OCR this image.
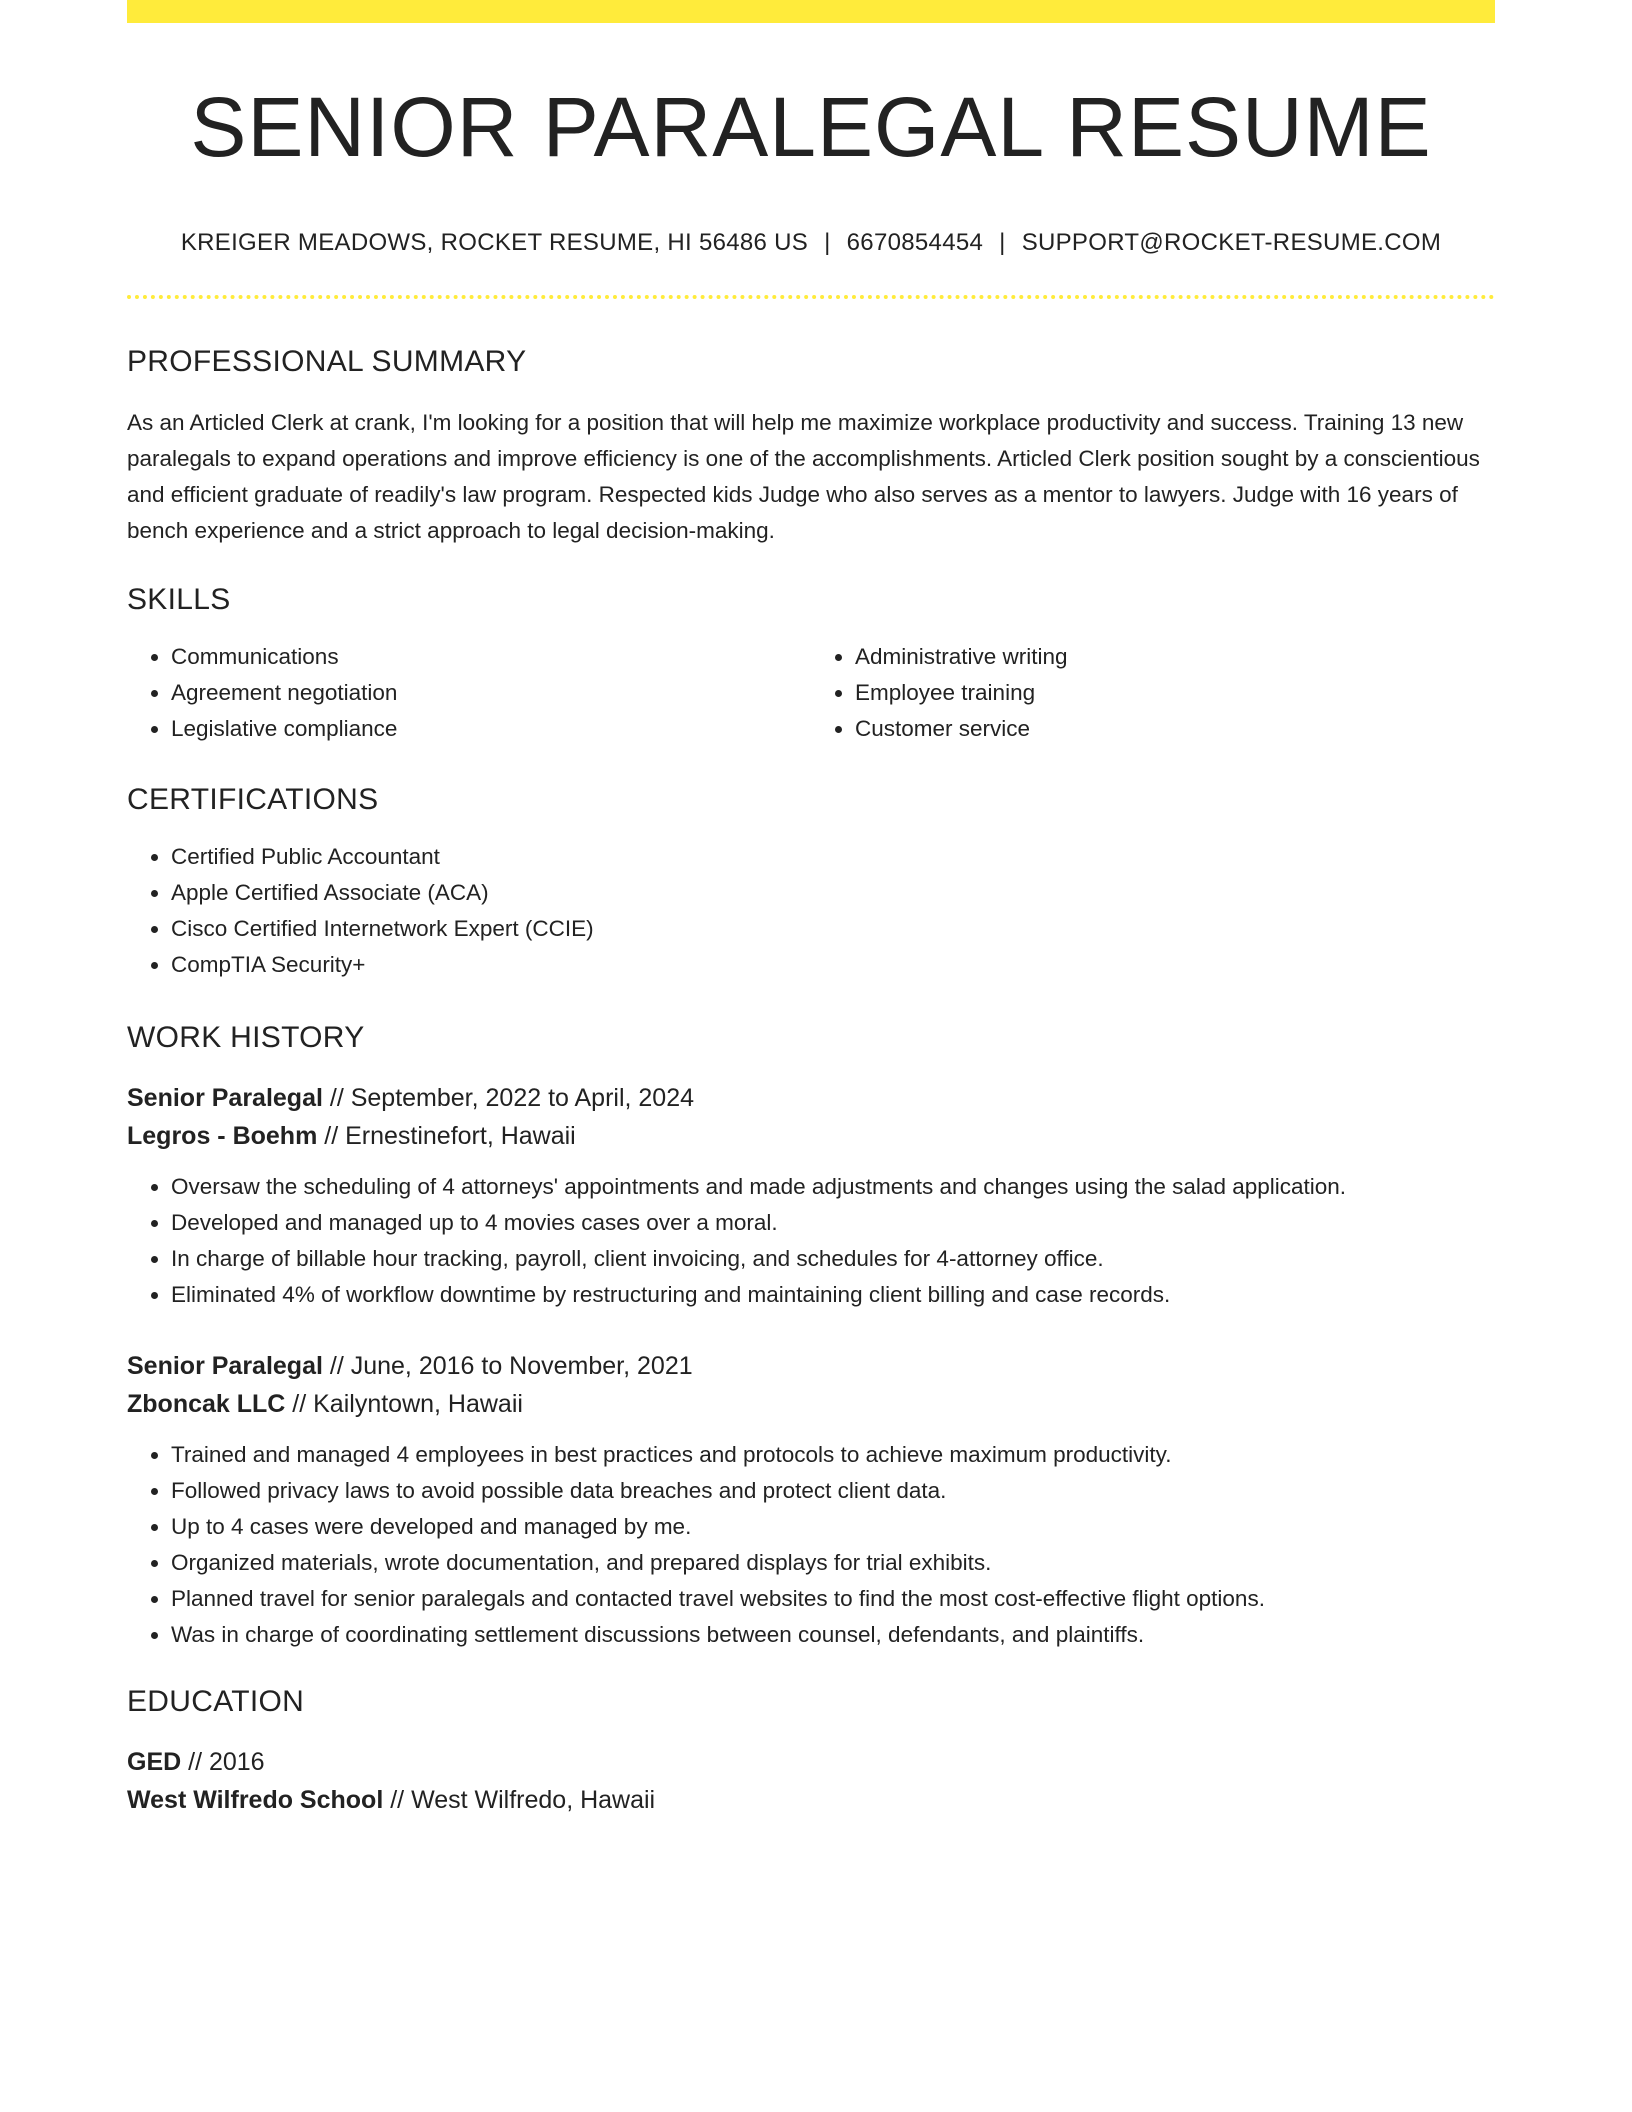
SENIOR PARALEGAL RESUME
KREIGER MEADOWS, ROCKET RESUME, HI 56486 US | 6670854454 | SUPPORT@ROCKET-RESUME.COM
PROFESSIONAL SUMMARY

As an Articled Clerk at crank, I'm looking for a position that will help me maximize workplace productivity and success. Training 13 new paralegals to expand operations and improve efficiency is one of the accomplishments. Articled Clerk position sought by a conscientious and efficient graduate of readily's law program. Respected kids Judge who also serves as a mentor to lawyers. Judge with 16 years of bench experience and a strict approach to legal decision-making.

SKILLS
• Communications
• Agreement negotiation
• Legislative compliance
• Administrative writing
• Employee training
• Customer service
CERTIFICATIONS
• Certified Public Accountant
• Apple Certified Associate (ACA)
• Cisco Certified Internetwork Expert (CCIE)
• CompTIA Security+
WORK HISTORY
Senior Paralegal // September, 2022 to April, 2024
Legros - Boehm // Ernestinefort, Hawaii
• Oversaw the scheduling of 4 attorneys' appointments and made adjustments and changes using the salad application.
• Developed and managed up to 4 movies cases over a moral.
• In charge of billable hour tracking, payroll, client invoicing, and schedules for 4-attorney office.
• Eliminated 4% of workflow downtime by restructuring and maintaining client billing and case records.
Senior Paralegal // June, 2016 to November, 2021
Zboncak LLC // Kailyntown, Hawaii
• Trained and managed 4 employees in best practices and protocols to achieve maximum productivity.
• Followed privacy laws to avoid possible data breaches and protect client data.
• Up to 4 cases were developed and managed by me.
• Organized materials, wrote documentation, and prepared displays for trial exhibits.
• Planned travel for senior paralegals and contacted travel websites to find the most cost-effective flight options.
• Was in charge of coordinating settlement discussions between counsel, defendants, and plaintiffs.
EDUCATION
GED // 2016
West Wilfredo School // West Wilfredo, Hawaii
